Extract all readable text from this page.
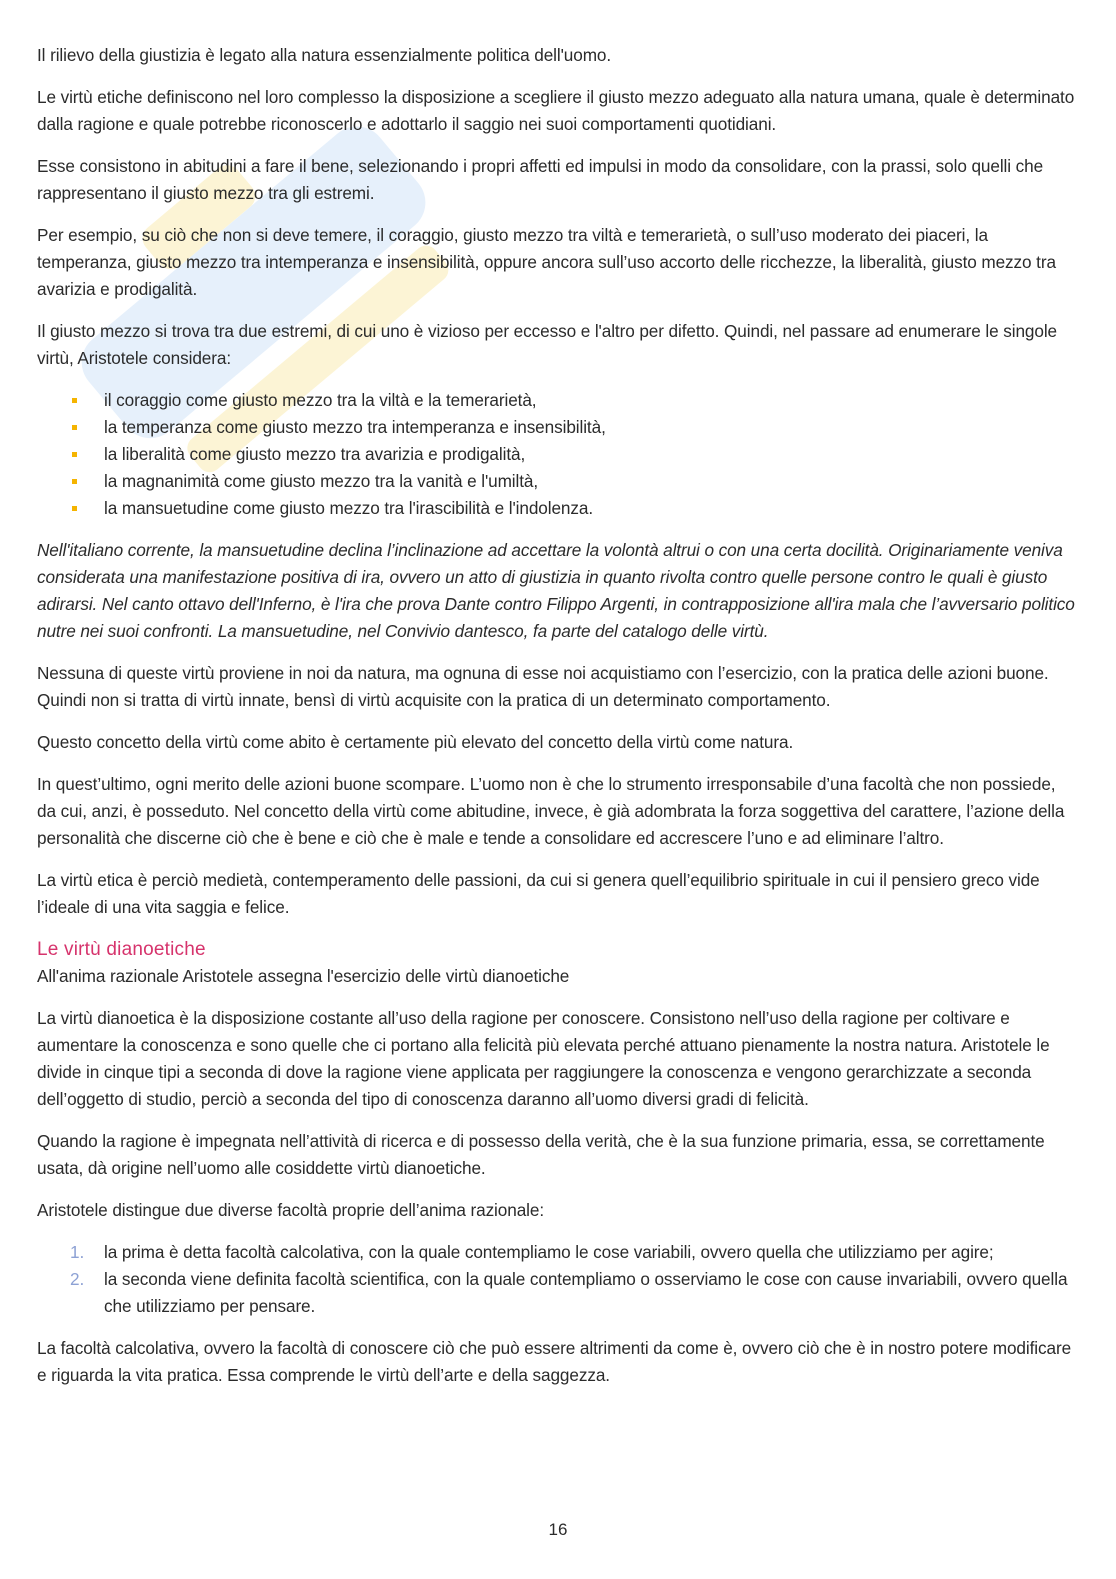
Il rilievo della giustizia è legato alla natura essenzialmente politica dell'uomo.

Le virtù etiche definiscono nel loro complesso la disposizione a scegliere il giusto mezzo adeguato alla natura umana, quale è determinato dalla ragione e quale potrebbe riconoscerlo e adottarlo il saggio nei suoi comportamenti quotidiani.

Esse consistono in abitudini a fare il bene, selezionando i propri affetti ed impulsi in modo da consolidare, con la prassi, solo quelli che rappresentano il giusto mezzo tra gli estremi.

Per esempio, su ciò che non si deve temere, il coraggio, giusto mezzo tra viltà e temerarietà, o sull’uso moderato dei piaceri, la temperanza, giusto mezzo tra intemperanza e insensibilità, oppure ancora sull’uso accorto delle ricchezze, la liberalità, giusto mezzo tra avarizia e prodigalità.

Il giusto mezzo si trova tra due estremi, di cui uno è vizioso per eccesso e l'altro per difetto. Quindi, nel passare ad enumerare le singole virtù, Aristotele considera:

il coraggio come giusto mezzo tra la viltà e la temerarietà,
la temperanza come giusto mezzo tra intemperanza e insensibilità,
la liberalità come giusto mezzo tra avarizia e prodigalità,
la magnanimità come giusto mezzo tra la vanità e l'umiltà,
la mansuetudine come giusto mezzo tra l'irascibilità e l'indolenza.

Nell'italiano corrente, la mansuetudine declina l’inclinazione ad accettare la volontà altrui o con una certa docilità. Originariamente veniva considerata una manifestazione positiva di ira, ovvero un atto di giustizia in quanto rivolta contro quelle persone contro le quali è giusto adirarsi. Nel canto ottavo dell'Inferno, è l'ira che prova Dante contro Filippo Argenti, in contrapposizione all'ira mala che l’avversario politico nutre nei suoi confronti. La mansuetudine, nel Convivio dantesco, fa parte del catalogo delle virtù.

Nessuna di queste virtù proviene in noi da natura, ma ognuna di esse noi acquistiamo con l’esercizio, con la pratica delle azioni buone. Quindi non si tratta di virtù innate, bensì di virtù acquisite con la pratica di un determinato comportamento.

Questo concetto della virtù come abito è certamente più elevato del concetto della virtù come natura.

In quest’ultimo, ogni merito delle azioni buone scompare. L’uomo non è che lo strumento irresponsabile d’una facoltà che non possiede, da cui, anzi, è posseduto. Nel concetto della virtù come abitudine, invece, è già adombrata la forza soggettiva del carattere, l’azione della personalità che discerne ciò che è bene e ciò che è male e tende a consolidare ed accrescere l’uno e ad eliminare l’altro.

La virtù etica è perciò medietà, contemperamento delle passioni, da cui si genera quell’equilibrio spirituale in cui il pensiero greco vide l’ideale di una vita saggia e felice.

Le virtù dianoetiche

All'anima razionale Aristotele assegna l'esercizio delle virtù dianoetiche

La virtù dianoetica è la disposizione costante all’uso della ragione per conoscere. Consistono nell’uso della ragione per coltivare e aumentare la conoscenza e sono quelle che ci portano alla felicità più elevata perché attuano pienamente la nostra natura. Aristotele le divide in cinque tipi a seconda di dove la ragione viene applicata per raggiungere la conoscenza e vengono gerarchizzate a seconda dell’oggetto di studio, perciò a seconda del tipo di conoscenza daranno all’uomo diversi gradi di felicità.

Quando la ragione è impegnata nell’attività di ricerca e di possesso della verità, che è la sua funzione primaria, essa, se correttamente usata, dà origine nell’uomo alle cosiddette virtù dianoetiche.

Aristotele distingue due diverse facoltà proprie dell’anima razionale:

1. la prima è detta facoltà calcolativa, con la quale contempliamo le cose variabili, ovvero quella che utilizziamo per agire;
2. la seconda viene definita facoltà scientifica, con la quale contempliamo o osserviamo le cose con cause invariabili, ovvero quella che utilizziamo per pensare.

La facoltà calcolativa, ovvero la facoltà di conoscere ciò che può essere altrimenti da come è, ovvero ciò che è in nostro potere modificare e riguarda la vita pratica. Essa comprende le virtù dell’arte e della saggezza.

16
